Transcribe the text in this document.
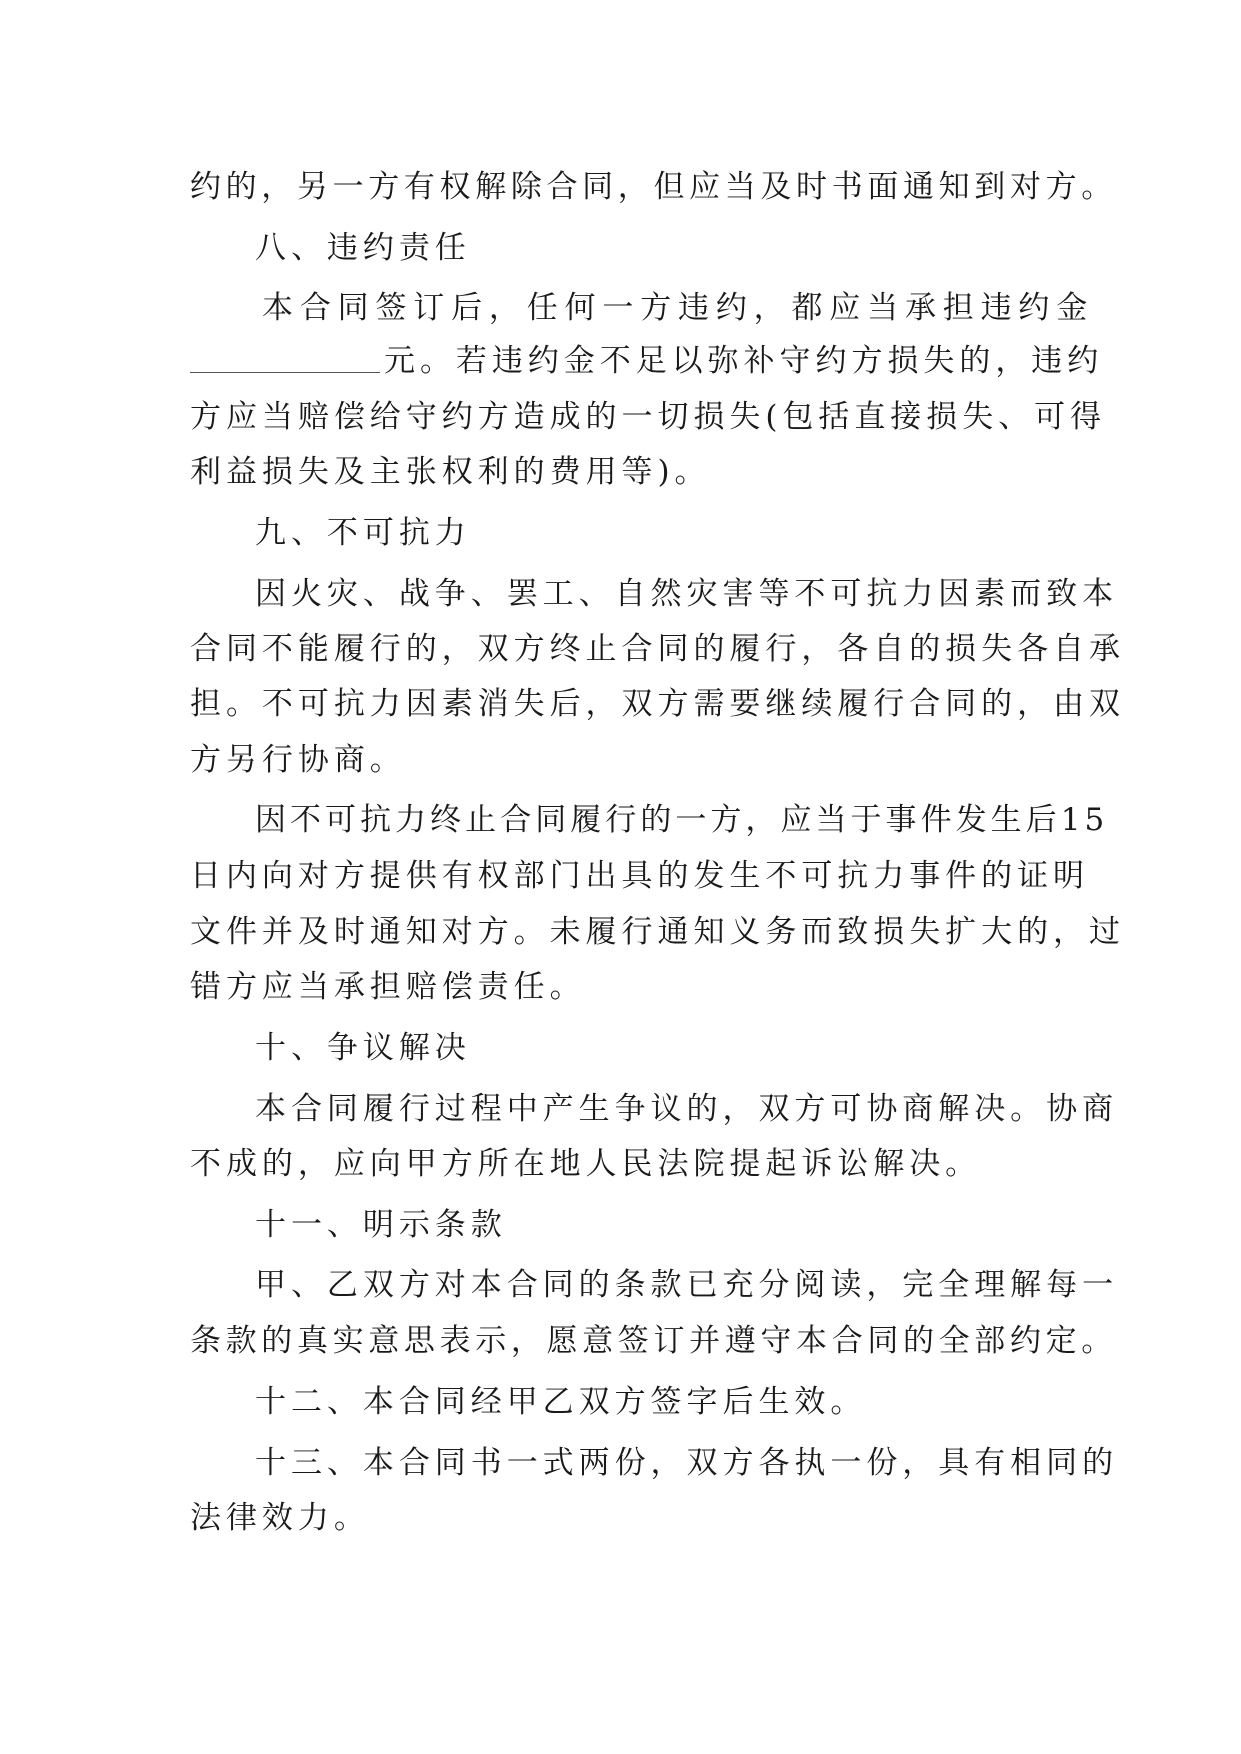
约的，另一方有权解除合同，但应当及时书面通知到对方。
八、违约责任
本合同签订后，任何一方违约，都应当承担违约金
元。若违约金不足以弥补守约方损失的，违约
方应当赔偿给守约方造成的一切损失(包括直接损失、可得
利益损失及主张权利的费用等)。
九、不可抗力
因火灾、战争、罢工、自然灾害等不可抗力因素而致本
合同不能履行的，双方终止合同的履行，各自的损失各自承
担。不可抗力因素消失后，双方需要继续履行合同的，由双
方另行协商。
因不可抗力终止合同履行的一方，应当于事件发生后15
日内向对方提供有权部门出具的发生不可抗力事件的证明
文件并及时通知对方。未履行通知义务而致损失扩大的，过
错方应当承担赔偿责任。
十、争议解决
本合同履行过程中产生争议的，双方可协商解决。协商
不成的，应向甲方所在地人民法院提起诉讼解决。
十一、明示条款
甲、乙双方对本合同的条款已充分阅读，完全理解每一
条款的真实意思表示，愿意签订并遵守本合同的全部约定。
十二、本合同经甲乙双方签字后生效。
十三、本合同书一式两份，双方各执一份，具有相同的
法律效力。
